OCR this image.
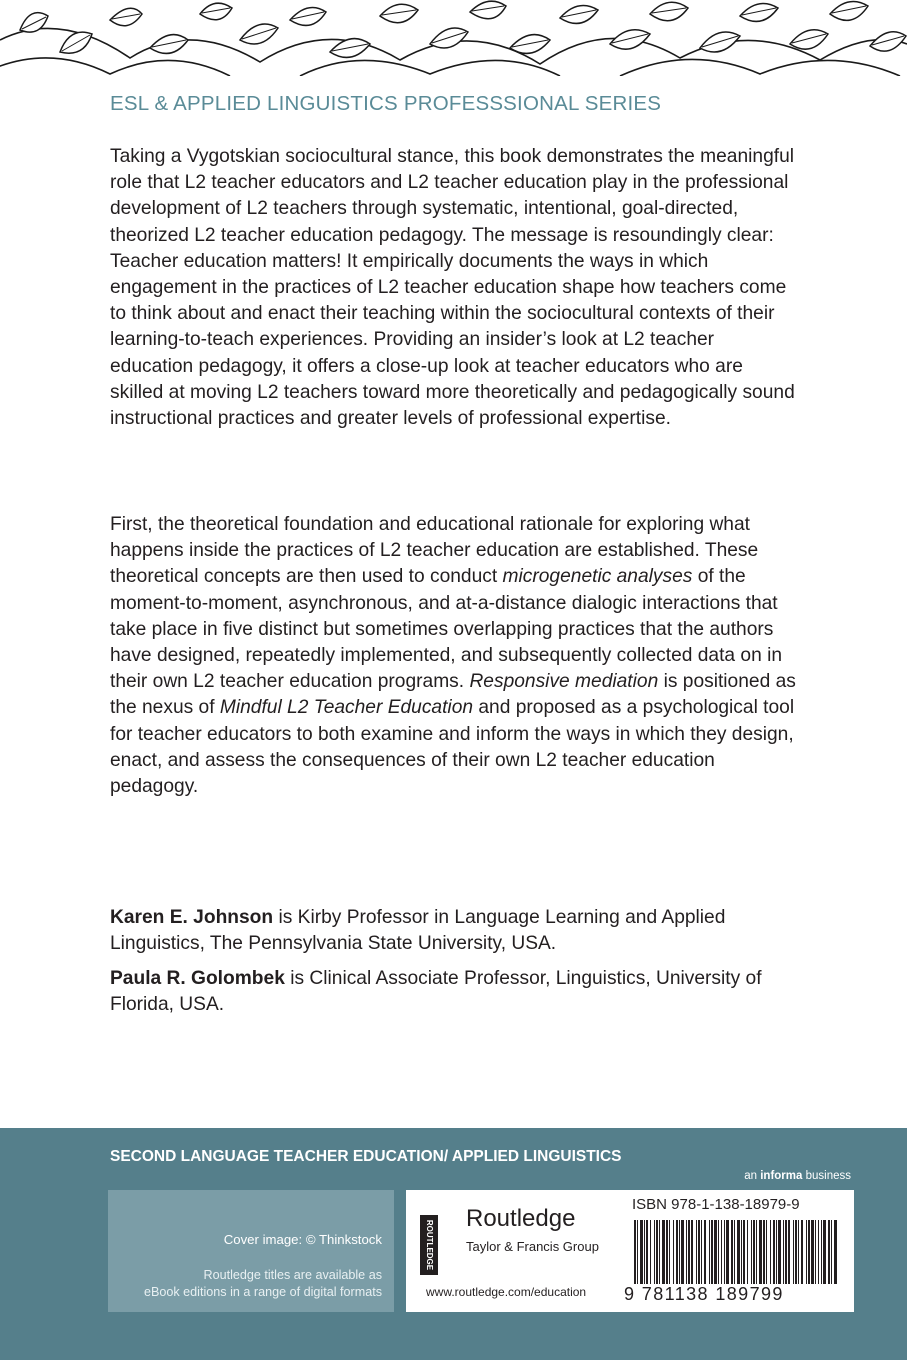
ESL & APPLIED LINGUISTICS PROFESSSIONAL SERIES

Taking a Vygotskian sociocultural stance, this book demonstrates the meaningful role that L2 teacher educators and L2 teacher education play in the professional development of L2 teachers through systematic, intentional, goal-directed, theorized L2 teacher education pedagogy. The message is resoundingly clear: Teacher education matters! It empirically documents the ways in which engagement in the practices of L2 teacher education shape how teachers come to think about and enact their teaching within the sociocultural contexts of their learning-to-teach experiences. Providing an insider’s look at L2 teacher education pedagogy, it offers a close-up look at teacher educators who are skilled at moving L2 teachers toward more theoretically and pedagogically sound instructional practices and greater levels of professional expertise.

First, the theoretical foundation and educational rationale for exploring what happens inside the practices of L2 teacher education are established. These theoretical concepts are then used to conduct microgenetic analyses of the moment-to-moment, asynchronous, and at-a-distance dialogic interactions that take place in five distinct but sometimes overlapping practices that the authors have designed, repeatedly implemented, and subsequently collected data on in their own L2 teacher education programs. Responsive mediation is positioned as the nexus of Mindful L2 Teacher Education and proposed as a psychological tool for teacher educators to both examine and inform the ways in which they design, enact, and assess the consequences of their own L2 teacher education pedagogy.

Karen E. Johnson is Kirby Professor in Language Learning and Applied Linguistics, The Pennsylvania State University, USA.

Paula R. Golombek is Clinical Associate Professor, Linguistics, University of Florida, USA.

SECOND LANGUAGE TEACHER EDUCATION/ APPLIED LINGUISTICS
an informa business
Cover image: © Thinkstock
Routledge titles are available as
eBook editions in a range of digital formats
ROUTLEDGE
Routledge
Taylor & Francis Group
www.routledge.com/education
ISBN 978-1-138-18979-9
9 781138 189799
